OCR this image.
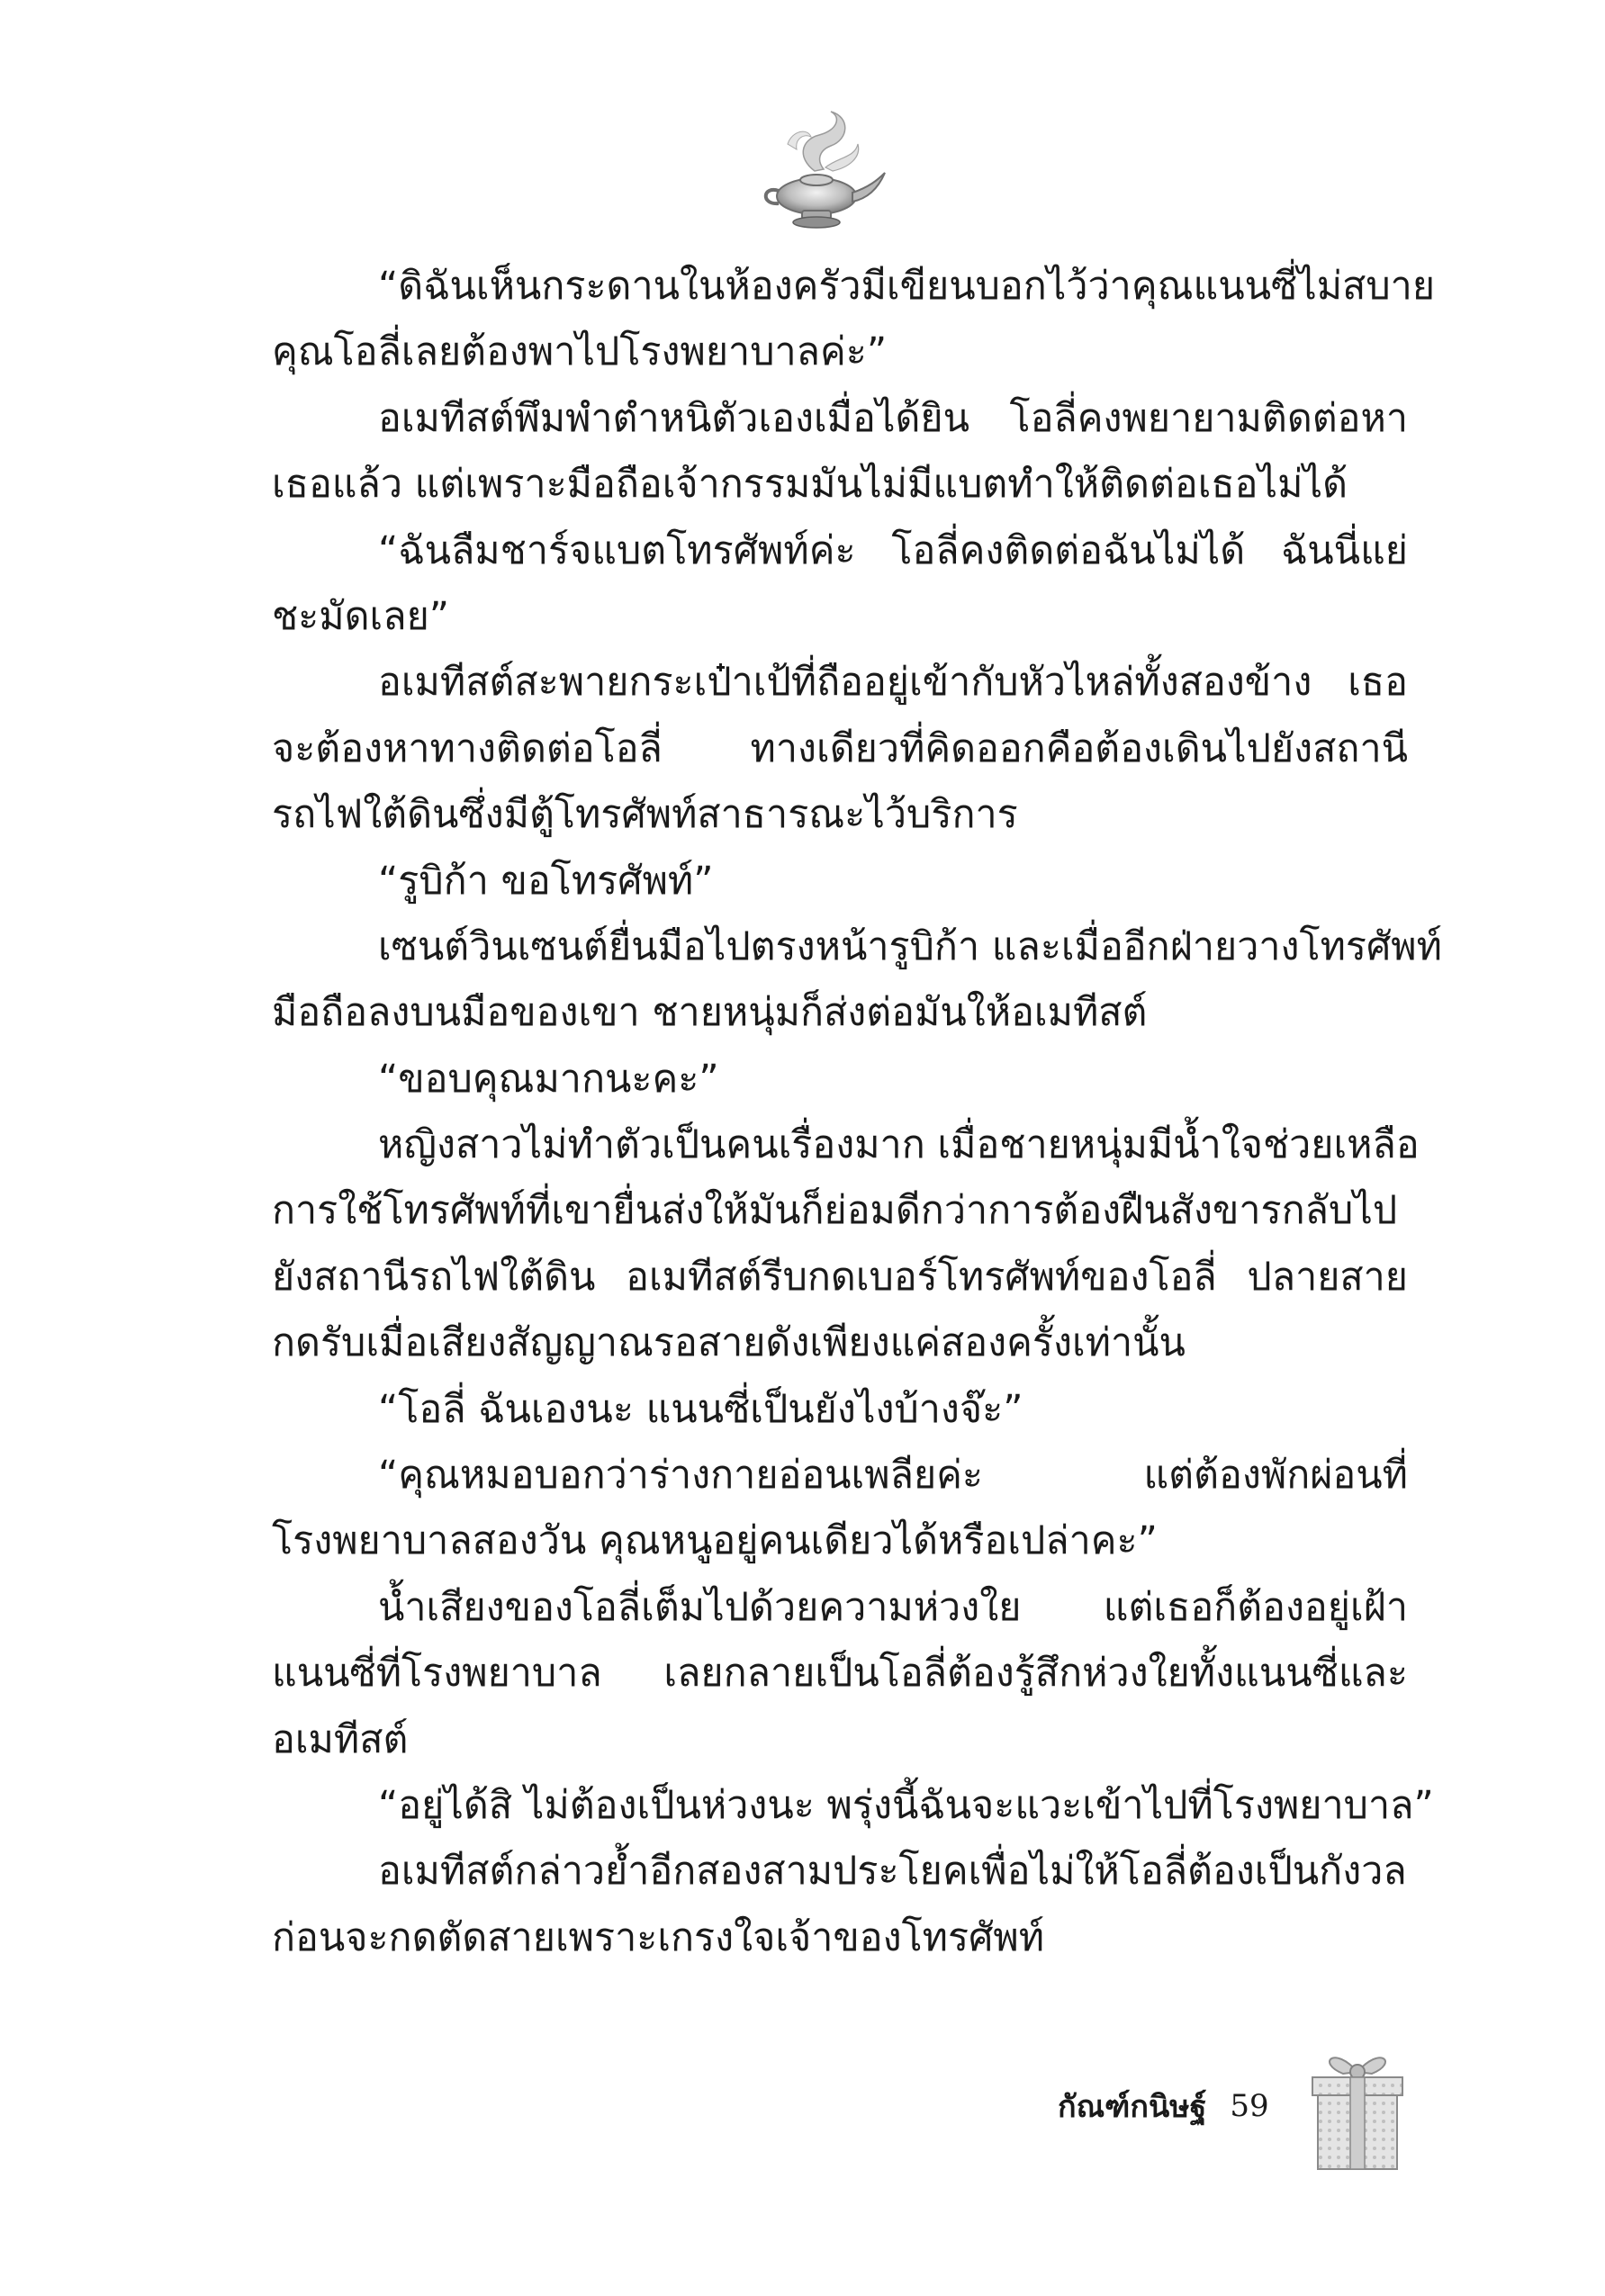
“ดิฉันเห็นกระดานในห้องครัวมีเขียนบอกไว้ว่าคุณแนนซี่ไม่สบาย
คุณโอลี่เลยต้องพาไปโรงพยาบาลค่ะ”
อเมทีสต์พึมพำตำหนิตัวเองเมื่อได้ยิน โอลี่คงพยายามติดต่อหา
เธอแล้ว แต่เพราะมือถือเจ้ากรรมมันไม่มีแบตทำให้ติดต่อเธอไม่ได้
“ฉันลืมชาร์จแบตโทรศัพท์ค่ะ โอลี่คงติดต่อฉันไม่ได้ ฉันนี่แย่
ชะมัดเลย”
อเมทีสต์สะพายกระเป๋าเป้ที่ถืออยู่เข้ากับหัวไหล่ทั้งสองข้าง เธอ
จะต้องหาทางติดต่อโอลี่ ทางเดียวที่คิดออกคือต้องเดินไปยังสถานี
รถไฟใต้ดินซึ่งมีตู้โทรศัพท์สาธารณะไว้บริการ
“รูบิก้า ขอโทรศัพท์”
เซนต์วินเซนต์ยื่นมือไปตรงหน้ารูบิก้า และเมื่ออีกฝ่ายวางโทรศัพท์
มือถือลงบนมือของเขา ชายหนุ่มก็ส่งต่อมันให้อเมทีสต์
“ขอบคุณมากนะคะ”
หญิงสาวไม่ทำตัวเป็นคนเรื่องมาก เมื่อชายหนุ่มมีน้ำใจช่วยเหลือ
การใช้โทรศัพท์ที่เขายื่นส่งให้มันก็ย่อมดีกว่าการต้องฝืนสังขารกลับไป
ยังสถานีรถไฟใต้ดิน อเมทีสต์รีบกดเบอร์โทรศัพท์ของโอลี่ ปลายสาย
กดรับเมื่อเสียงสัญญาณรอสายดังเพียงแค่สองครั้งเท่านั้น
“โอลี่ ฉันเองนะ แนนซี่เป็นยังไงบ้างจ๊ะ”
“คุณหมอบอกว่าร่างกายอ่อนเพลียค่ะ แต่ต้องพักผ่อนที่
โรงพยาบาลสองวัน คุณหนูอยู่คนเดียวได้หรือเปล่าคะ”
น้ำเสียงของโอลี่เต็มไปด้วยความห่วงใย แต่เธอก็ต้องอยู่เฝ้า
แนนซี่ที่โรงพยาบาล เลยกลายเป็นโอลี่ต้องรู้สึกห่วงใยทั้งแนนซี่และ
อเมทีสต์
“อยู่ได้สิ ไม่ต้องเป็นห่วงนะ พรุ่งนี้ฉันจะแวะเข้าไปที่โรงพยาบาล”
อเมทีสต์กล่าวย้ำอีกสองสามประโยคเพื่อไม่ให้โอลี่ต้องเป็นกังวล
ก่อนจะกดตัดสายเพราะเกรงใจเจ้าของโทรศัพท์
กัณฑ์กนิษฐ์ 59
